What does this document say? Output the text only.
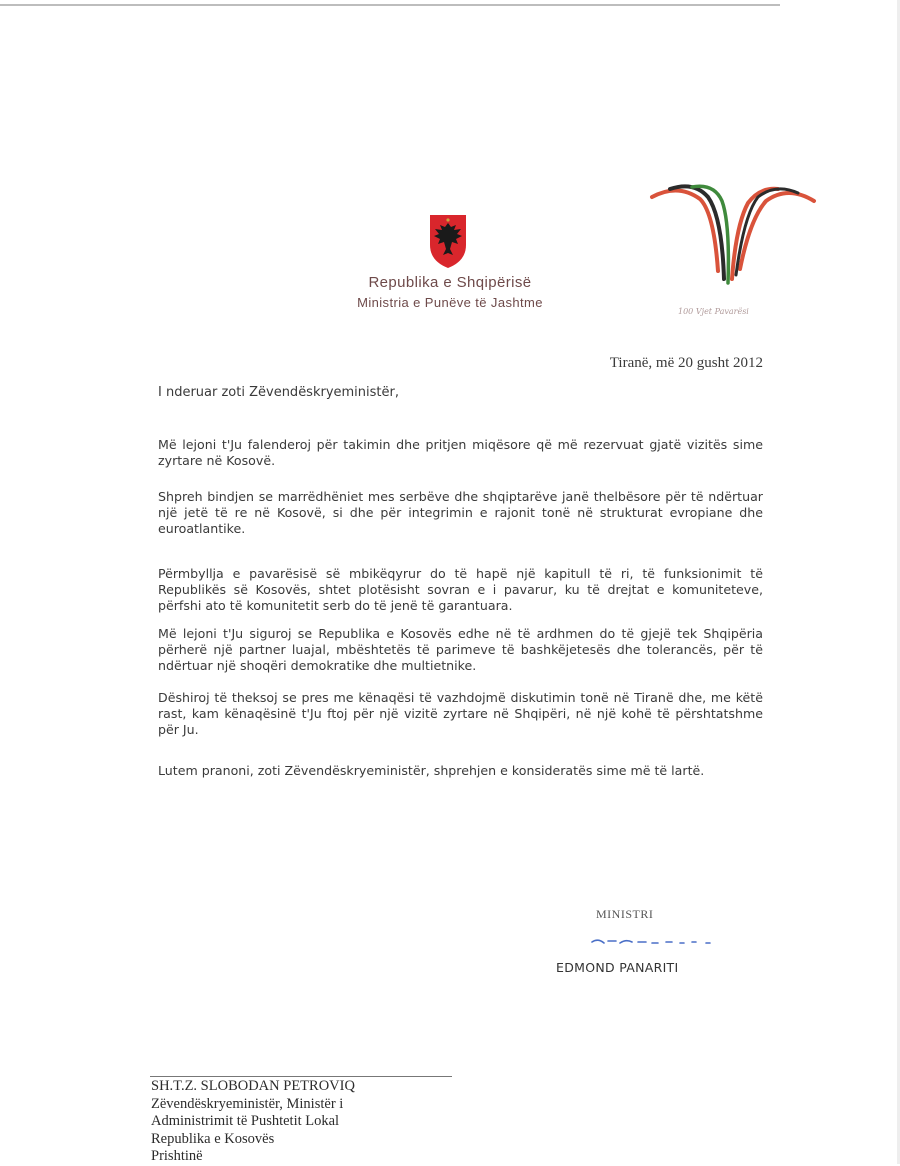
Republika e Shqipërisë
Ministria e Punëve të Jashtme
100 Vjet Pavarësi
Tiranë, më 20 gusht 2012
I nderuar zoti Zëvendëskryeministër,

Më lejoni t'Ju falenderoj për takimin dhe pritjen miqësore që më rezervuat gjatë vizitës sime zyrtare në Kosovë.

Shpreh bindjen se marrëdhëniet mes serbëve dhe shqiptarëve janë thelbësore për të ndërtuar një jetë të re në Kosovë, si dhe për integrimin e rajonit tonë në strukturat evropiane dhe euroatlantike.

Përmbyllja e pavarësisë së mbikëqyrur do të hapë një kapitull të ri, të funksionimit të Republikës së Kosovës, shtet plotësisht sovran e i pavarur, ku të drejtat e komuniteteve, përfshi ato të komunitetit serb do të jenë të garantuara.

Më lejoni t'Ju siguroj se Republika e Kosovës edhe në të ardhmen do të gjejë tek Shqipëria përherë një partner luajal, mbështetës të parimeve të bashkëjetesës dhe tolerancës, për të ndërtuar një shoqëri demokratike dhe multietnike.

Dëshiroj të theksoj se pres me kënaqësi të vazhdojmë diskutimin tonë në Tiranë dhe, me këtë rast, kam kënaqësinë t'Ju ftoj për një vizitë zyrtare në Shqipëri, në një kohë të përshtatshme për Ju.

Lutem pranoni, zoti Zëvendëskryeministër, shprehjen e konsideratës sime më të lartë.

MINISTRI
EDMOND PANARITI
SH.T.Z. SLOBODAN PETROVIQ
Zëvendëskryeministër, Ministër i
Administrimit të Pushtetit Lokal
Republika e Kosovës
Prishtinë
